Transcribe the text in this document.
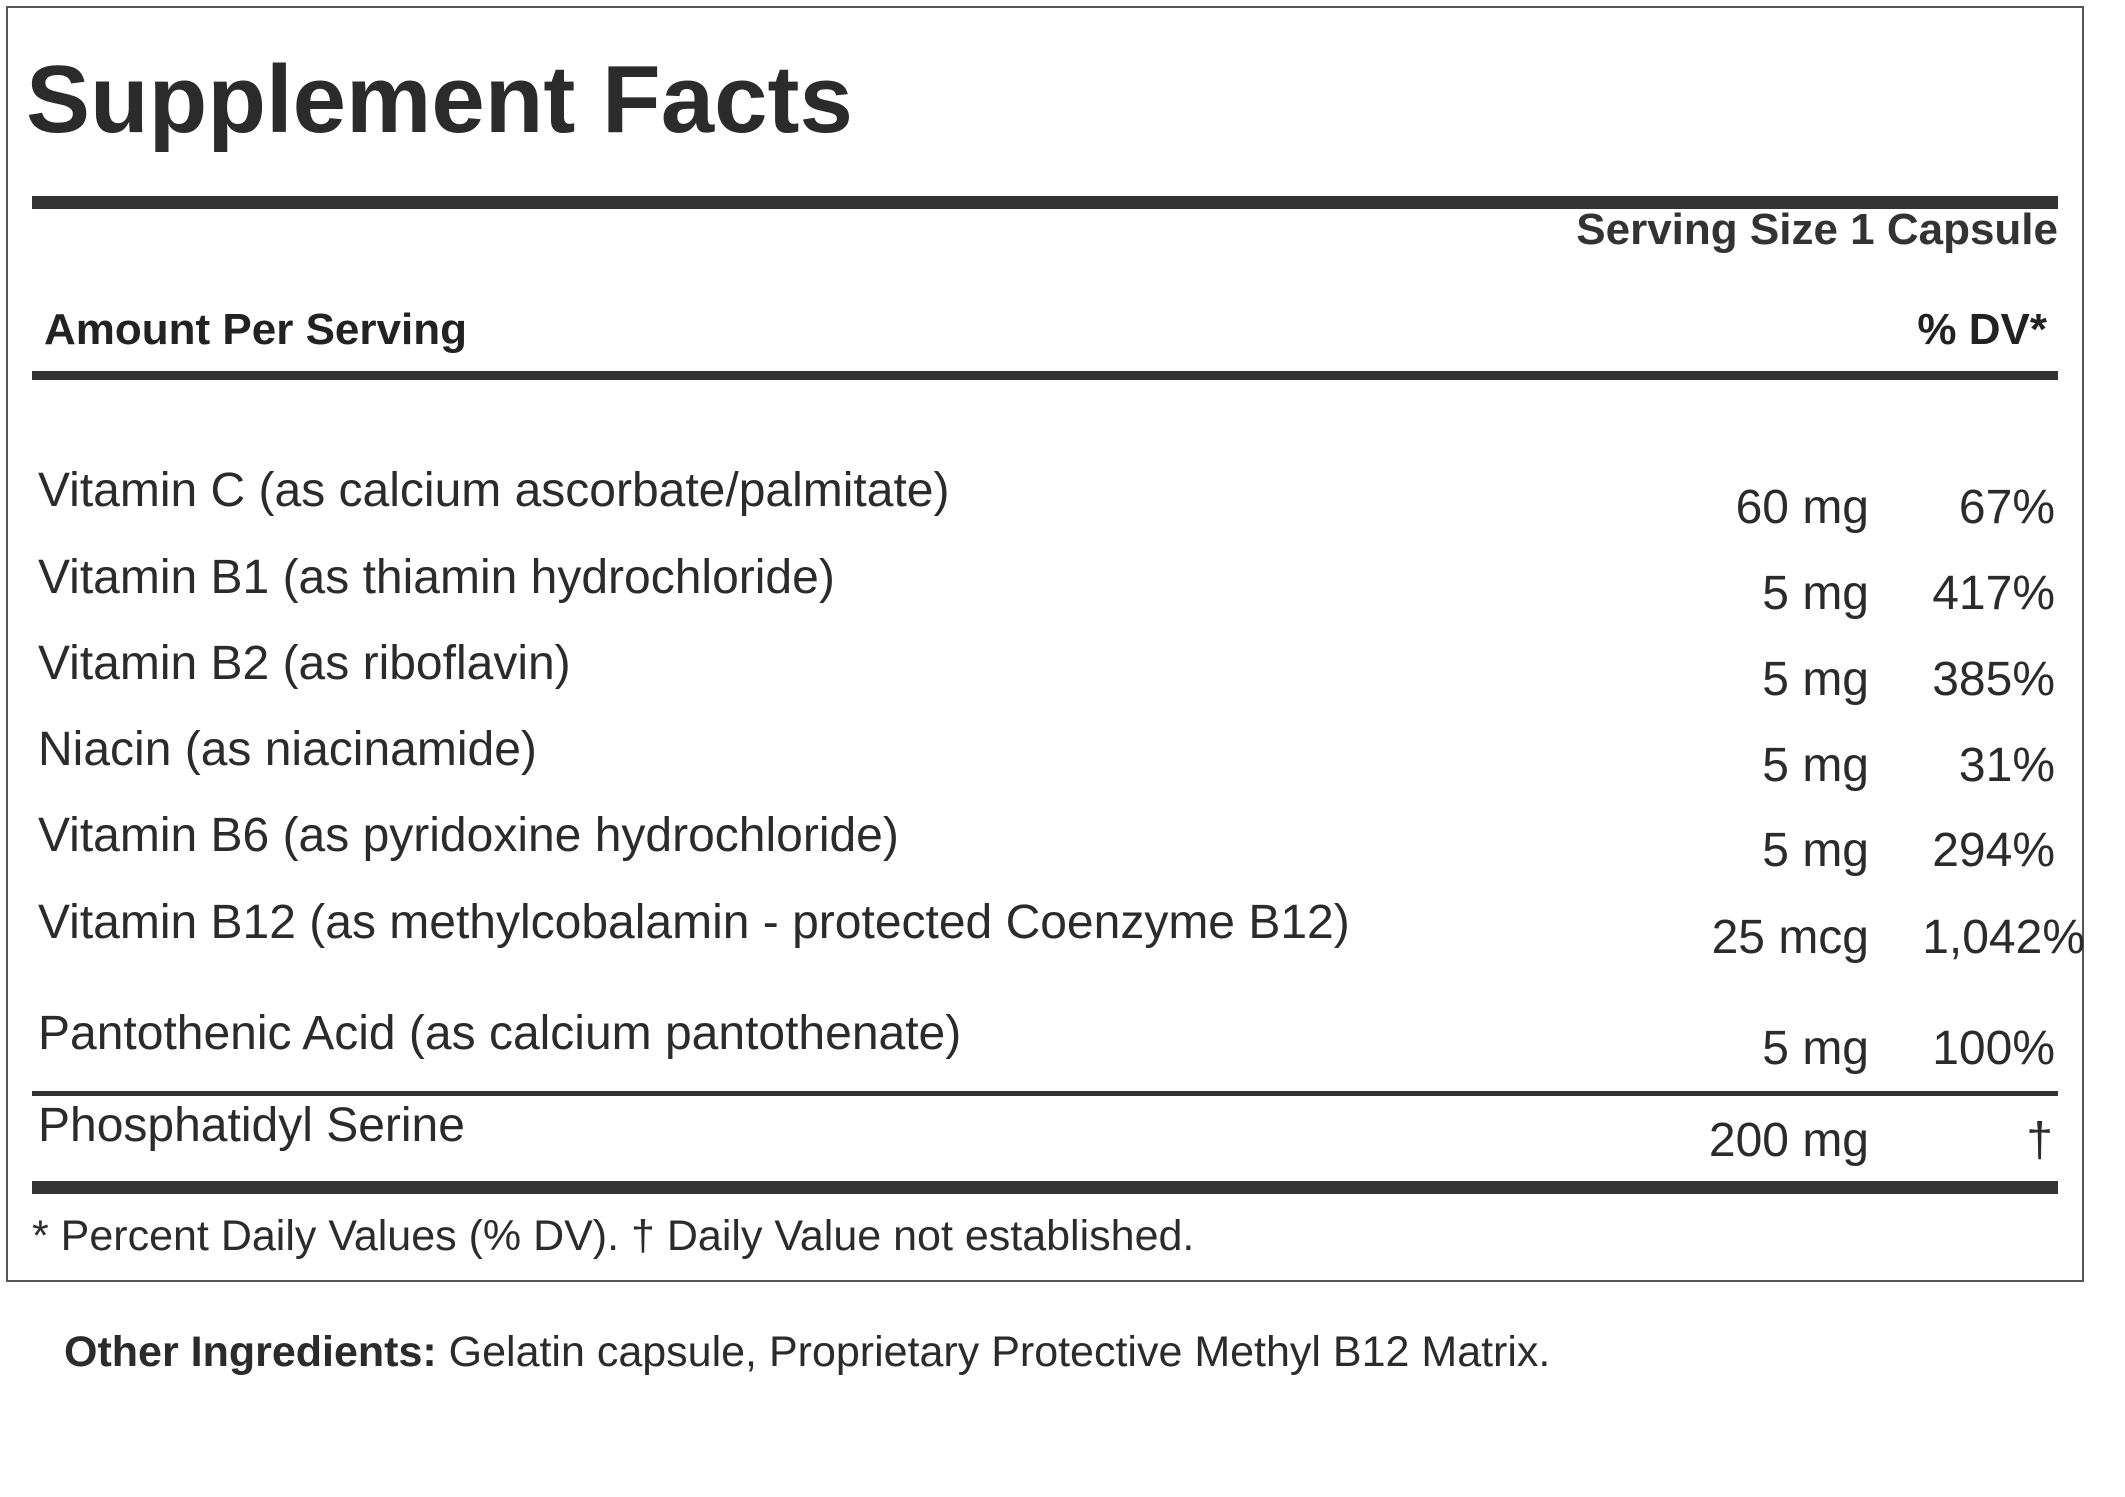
Supplement Facts
Serving Size 1 Capsule
Amount Per Serving	% DV*
Vitamin C (as calcium ascorbate/palmitate)	60 mg 67%
Vitamin B1 (as thiamin hydrochloride)	5 mg 417%
Vitamin B2 (as riboflavin)	5 mg 385%
Niacin (as niacinamide)	5 mg 31%
Vitamin B6 (as pyridoxine hydrochloride)	5 mg 294%
Vitamin B12 (as methylcobalamin - protected Coenzyme B12)	25 mcg 1,042%
Pantothenic Acid (as calcium pantothenate)	5 mg 100%
Phosphatidyl Serine	200 mg	†
* Percent Daily Values (% DV). † Daily Value not established.
Other Ingredients: Gelatin capsule, Proprietary Protective Methyl B12 Matrix.
